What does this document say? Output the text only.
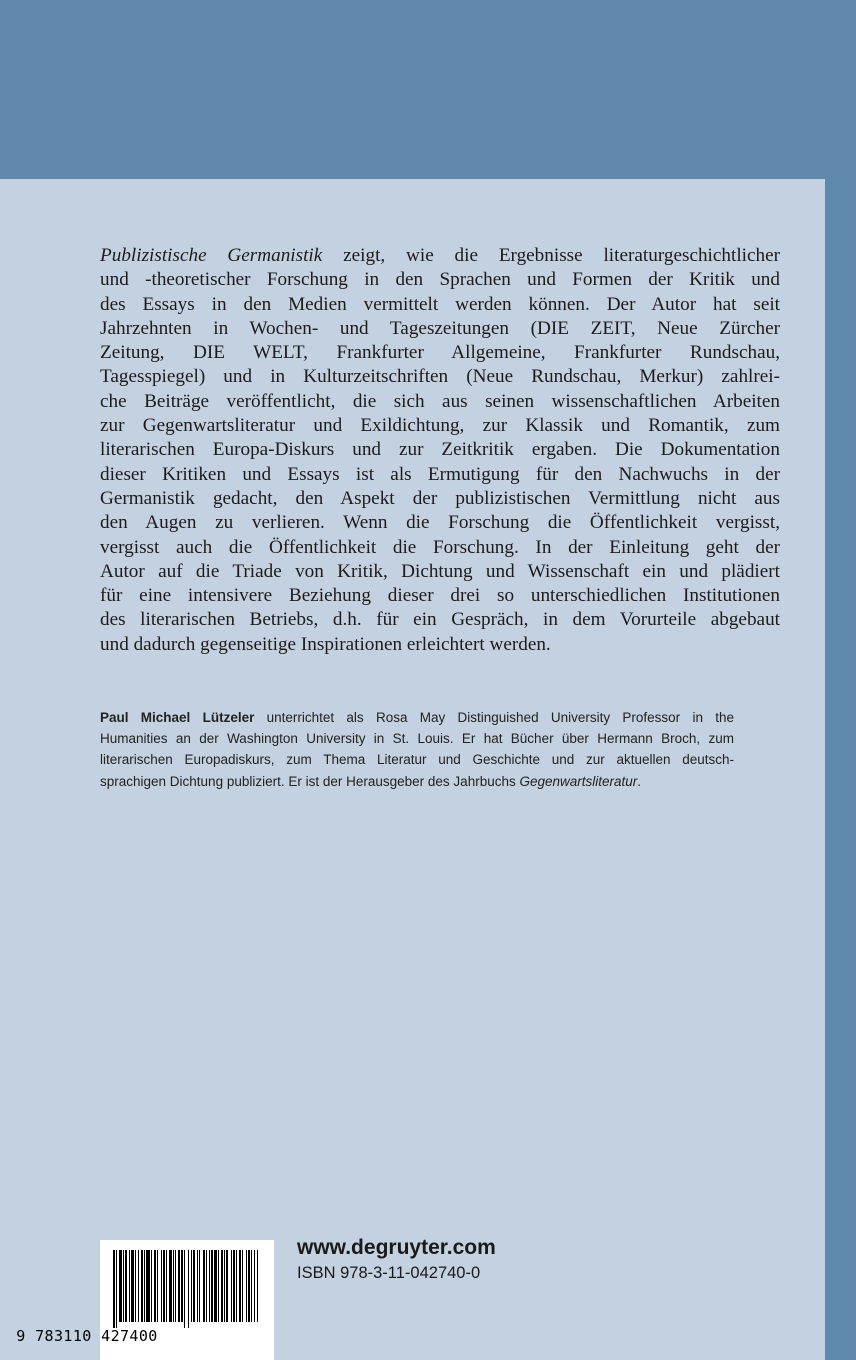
Publizistische Germanistik zeigt, wie die Ergebnisse literaturgeschichtlicher
und -theoretischer Forschung in den Sprachen und Formen der Kritik und
des Essays in den Medien vermittelt werden können. Der Autor hat seit
Jahrzehnten in Wochen- und Tageszeitungen (DIE ZEIT, Neue Zürcher
Zeitung, DIE WELT, Frankfurter Allgemeine, Frankfurter Rundschau,
Tagesspiegel) und in Kulturzeitschriften (Neue Rundschau, Merkur) zahlrei-
che Beiträge veröffentlicht, die sich aus seinen wissenschaftlichen Arbeiten
zur Gegenwartsliteratur und Exildichtung, zur Klassik und Romantik, zum
literarischen Europa-Diskurs und zur Zeitkritik ergaben. Die Dokumentation
dieser Kritiken und Essays ist als Ermutigung für den Nachwuchs in der
Germanistik gedacht, den Aspekt der publizistischen Vermittlung nicht aus
den Augen zu verlieren. Wenn die Forschung die Öffentlichkeit vergisst,
vergisst auch die Öffentlichkeit die Forschung. In der Einleitung geht der
Autor auf die Triade von Kritik, Dichtung und Wissenschaft ein und plädiert
für eine intensivere Beziehung dieser drei so unterschiedlichen Institutionen
des literarischen Betriebs, d.h. für ein Gespräch, in dem Vorurteile abgebaut
und dadurch gegenseitige Inspirationen erleichtert werden.
Paul Michael Lützeler unterrichtet als Rosa May Distinguished University Professor in the
Humanities an der Washington University in St. Louis. Er hat Bücher über Hermann Broch, zum
literarischen Europadiskurs, zum Thema Literatur und Geschichte und zur aktuellen deutsch-
sprachigen Dichtung publiziert. Er ist der Herausgeber des Jahrbuchs Gegenwartsliteratur.
9 783110 427400
www.degruyter.com
ISBN 978-3-11-042740-0
